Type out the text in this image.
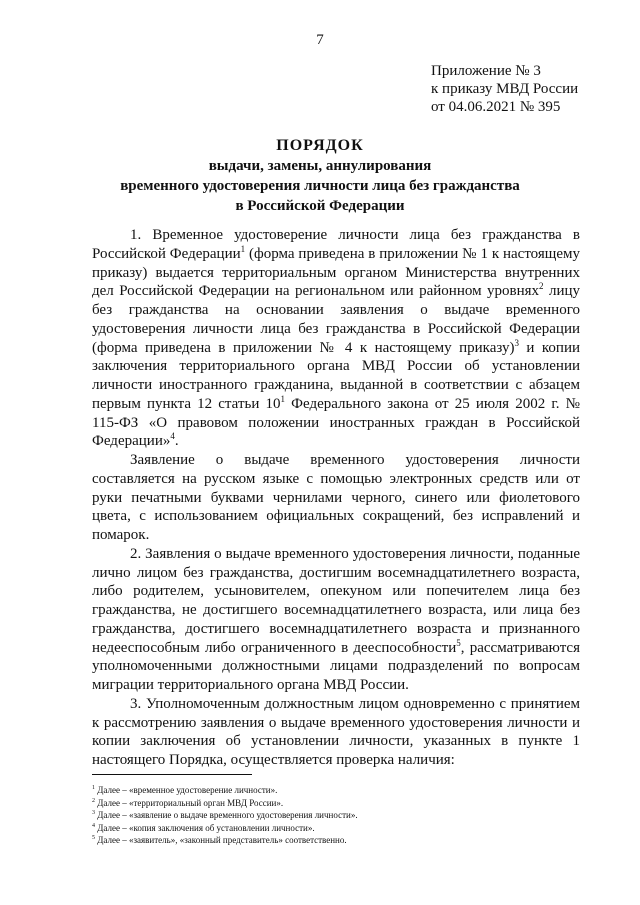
7
Приложение № 3
к приказу МВД России
от 04.06.2021 № 395
ПОРЯДОК
выдачи, замены, аннулирования
временного удостоверения личности лица без гражданства
в Российской Федерации

1. Временное удостоверение личности лица без гражданства в Российской Федерации$^1$ (форма приведена в приложении № 1 к настоящему приказу) выдается территориальным органом Министерства внутренних дел Российской Федерации на региональном или районном уровнях$^2$ лицу без гражданства на основании заявления о выдаче временного удостоверения личности лица без гражданства в Российской Федерации (форма приведена в приложении № 4 к настоящему приказу)$^3$ и копии заключения территориального органа МВД России об установлении личности иностранного гражданина, выданной в соответствии с абзацем первым пункта 12 статьи $10^1$ Федерального закона от 25 июля 2002 г. № 115-ФЗ «О правовом положении иностранных граждан в Российской Федерации»$^4$.

Заявление о выдаче временного удостоверения личности составляется на русском языке с помощью электронных средств или от руки печатными буквами чернилами черного, синего или фиолетового цвета, с использованием официальных сокращений, без исправлений и помарок.

2. Заявления о выдаче временного удостоверения личности, поданные лично лицом без гражданства, достигшим восемнадцатилетнего возраста, либо родителем, усыновителем, опекуном или попечителем лица без гражданства, не достигшего восемнадцатилетнего возраста, или лица без гражданства, достигшего восемнадцатилетнего возраста и признанного недееспособным либо ограниченного в дееспособности$^5$, рассматриваются уполномоченными должностными лицами подразделений по вопросам миграции территориального органа МВД России.

3. Уполномоченным должностным лицом одновременно с принятием к рассмотрению заявления о выдаче временного удостоверения личности и копии заключения об установлении личности, указанных в пункте 1 настоящего Порядка, осуществляется проверка наличия:

$^1$ Далее – «временное удостоверение личности».
$^2$ Далее – «территориальный орган МВД России».
$^3$ Далее – «заявление о выдаче временного удостоверения личности».
$^4$ Далее – «копия заключения об установлении личности».
$^5$ Далее – «заявитель», «законный представитель» соответственно.
